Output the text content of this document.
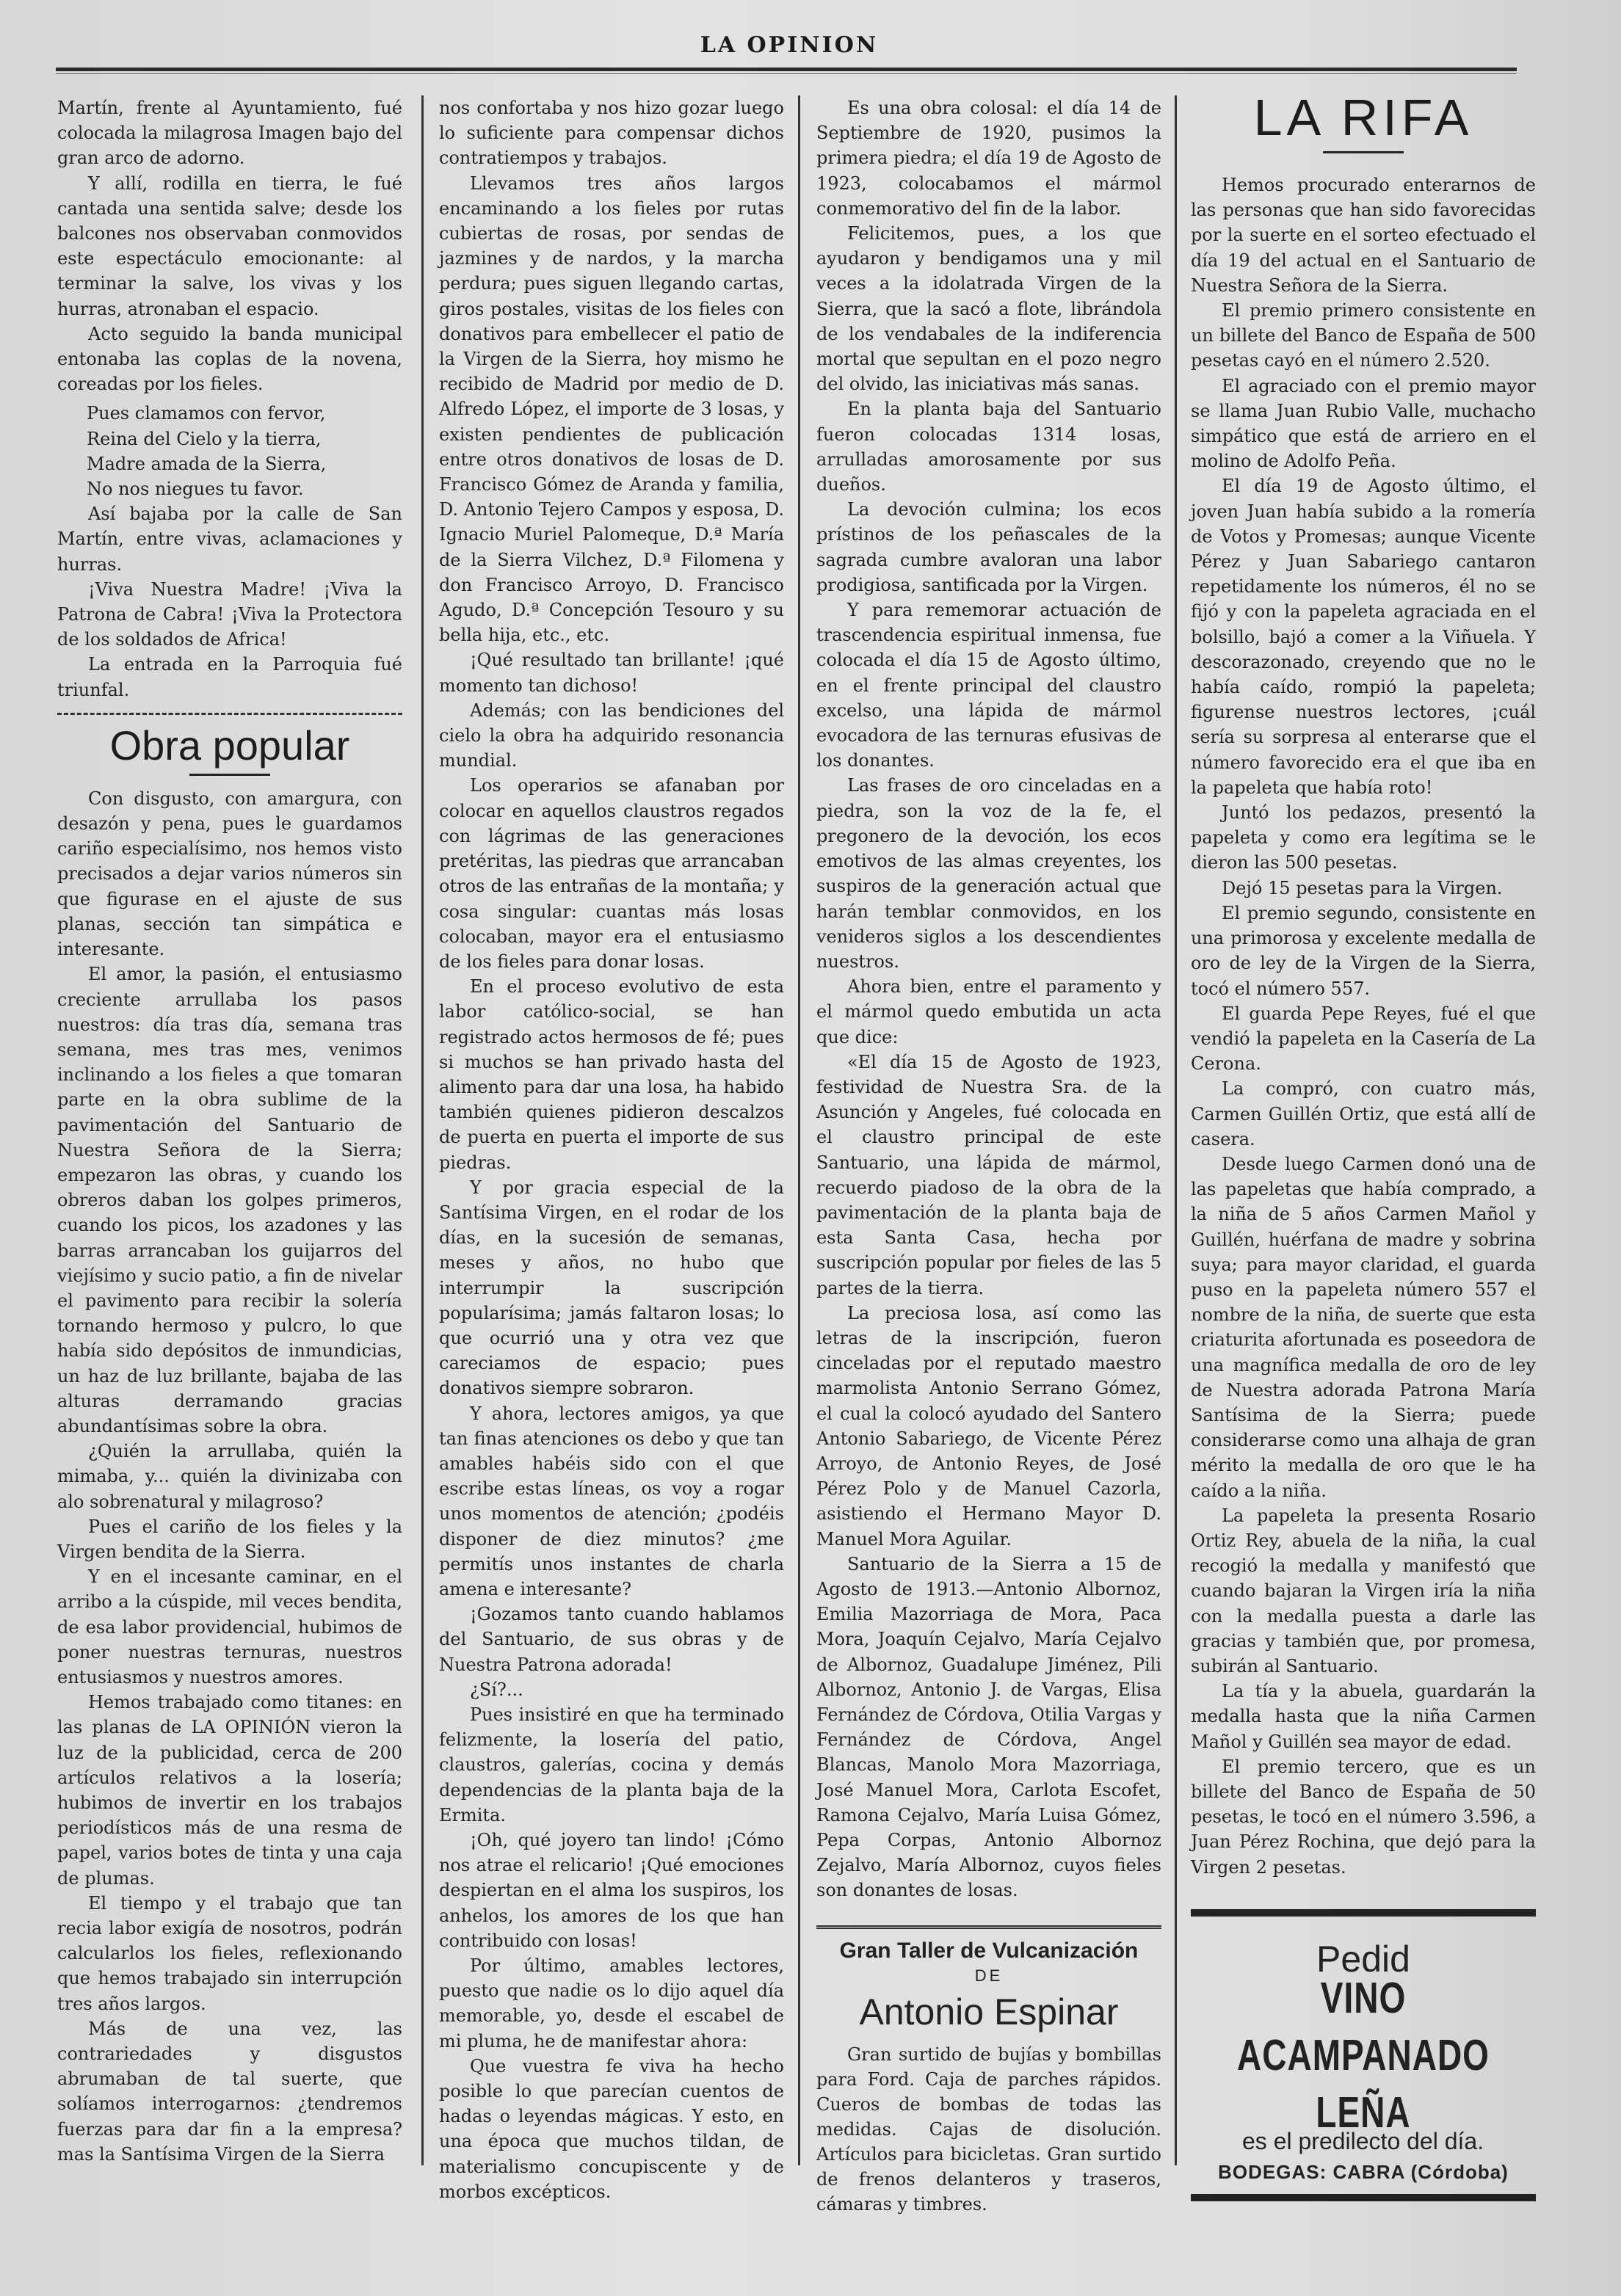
LA OPINION

Martín, frente al Ayuntamiento, fué colocada la milagrosa Imagen bajo del gran arco de adorno.

Y allí, rodilla en tierra, le fué cantada una sentida salve; desde los balcones nos observaban conmovidos este espectáculo emocionante: al terminar la salve, los vivas y los hurras, atronaban el espacio.

Acto seguido la banda municipal entonaba las coplas de la novena, coreadas por los fieles.

Pues clamamos con fervor,

Reina del Cielo y la tierra,

Madre amada de la Sierra,

No nos niegues tu favor.

Así bajaba por la calle de San Martín, entre vivas, aclamaciones y hurras.

¡Viva Nuestra Madre! ¡Viva la Patrona de Cabra! ¡Viva la Protectora de los soldados de Africa!

La entrada en la Parroquia fué triunfal.

Obra popular

Con disgusto, con amargura, con desazón y pena, pues le guardamos cariño especialísimo, nos hemos visto precisados a dejar varios números sin que figurase en el ajuste de sus planas, sección tan simpática e interesante.

El amor, la pasión, el entusiasmo creciente arrullaba los pasos nuestros: día tras día, semana tras semana, mes tras mes, venimos inclinando a los fieles a que tomaran parte en la obra sublime de la pavimentación del Santuario de Nuestra Señora de la Sierra; empezaron las obras, y cuando los obreros daban los golpes primeros, cuando los picos, los azadones y las barras arrancaban los guijarros del viejísimo y sucio patio, a fin de nivelar el pavimento para recibir la solería tornando hermoso y pulcro, lo que había sido depósitos de inmundicias, un haz de luz brillante, bajaba de las alturas derramando gracias abundantísimas sobre la obra.

¿Quién la arrullaba, quién la mimaba, y... quién la divinizaba con alo sobrenatural y milagroso?

Pues el cariño de los fieles y la Virgen bendita de la Sierra.

Y en el incesante caminar, en el arribo a la cúspide, mil veces bendita, de esa labor providencial, hubimos de poner nuestras ternuras, nuestros entusiasmos y nuestros amores.

Hemos trabajado como titanes: en las planas de LA OPINIÓN vieron la luz de la publicidad, cerca de 200 artículos relativos a la losería; hubimos de invertir en los trabajos periodísticos más de una resma de papel, varios botes de tinta y una caja de plumas.

El tiempo y el trabajo que tan recia labor exigía de nosotros, podrán calcularlos los fieles, reflexionando que hemos trabajado sin interrupción tres años largos.

Más de una vez, las contrariedades y disgustos abrumaban de tal suerte, que solíamos interrogarnos: ¿tendremos fuerzas para dar fin a la empresa? mas la Santísima Virgen de la Sierra

nos confortaba y nos hizo gozar luego lo suficiente para compensar dichos contratiempos y trabajos.

Llevamos tres años largos encaminando a los fieles por rutas cubiertas de rosas, por sendas de jazmines y de nardos, y la marcha perdura; pues siguen llegando cartas, giros postales, visitas de los fieles con donativos para embellecer el patio de la Virgen de la Sierra, hoy mismo he recibido de Madrid por medio de D. Alfredo López, el importe de 3 losas, y existen pendientes de publicación entre otros donativos de losas de D. Francisco Gómez de Aranda y familia, D. Antonio Tejero Campos y esposa, D. Ignacio Muriel Palomeque, D.ª María de la Sierra Vilchez, D.ª Filomena y don Francisco Arroyo, D. Francisco Agudo, D.ª Concepción Tesouro y su bella hija, etc., etc.

¡Qué resultado tan brillante! ¡qué momento tan dichoso!

Además; con las bendiciones del cielo la obra ha adquirido resonancia mundial.

Los operarios se afanaban por colocar en aquellos claustros regados con lágrimas de las generaciones pretéritas, las piedras que arrancaban otros de las entrañas de la montaña; y cosa singular: cuantas más losas colocaban, mayor era el entusiasmo de los fieles para donar losas.

En el proceso evolutivo de esta labor católico-social, se han registrado actos hermosos de fé; pues si muchos se han privado hasta del alimento para dar una losa, ha habido también quienes pidieron descalzos de puerta en puerta el importe de sus piedras.

Y por gracia especial de la Santísima Virgen, en el rodar de los días, en la sucesión de semanas, meses y años, no hubo que interrumpir la suscripción popularísima; jamás faltaron losas; lo que ocurrió una y otra vez que careciamos de espacio; pues donativos siempre sobraron.

Y ahora, lectores amigos, ya que tan finas atenciones os debo y que tan amables habéis sido con el que escribe estas líneas, os voy a rogar unos momentos de atención; ¿podéis disponer de diez minutos? ¿me permitís unos instantes de charla amena e interesante?

¡Gozamos tanto cuando hablamos del Santuario, de sus obras y de Nuestra Patrona adorada!

¿Sí?...

Pues insistiré en que ha terminado felizmente, la losería del patio, claustros, galerías, cocina y demás dependencias de la planta baja de la Ermita.

¡Oh, qué joyero tan lindo! ¡Cómo nos atrae el relicario! ¡Qué emociones despiertan en el alma los suspiros, los anhelos, los amores de los que han contribuido con losas!

Por último, amables lectores, puesto que nadie os lo dijo aquel día memorable, yo, desde el escabel de mi pluma, he de manifestar ahora:

Que vuestra fe viva ha hecho posible lo que parecían cuentos de hadas o leyendas mágicas. Y esto, en una época que muchos tildan, de materialismo concupiscente y de morbos excépticos.

Es una obra colosal: el día 14 de Septiembre de 1920, pusimos la primera piedra; el día 19 de Agosto de 1923, colocabamos el mármol conmemorativo del fin de la labor.

Felicitemos, pues, a los que ayudaron y bendigamos una y mil veces a la idolatrada Virgen de la Sierra, que la sacó a flote, librándola de los vendabales de la indiferencia mortal que sepultan en el pozo negro del olvido, las iniciativas más sanas.

En la planta baja del Santuario fueron colocadas 1314 losas, arrulladas amorosamente por sus dueños.

La devoción culmina; los ecos prístinos de los peñascales de la sagrada cumbre avaloran una labor prodigiosa, santificada por la Virgen.

Y para rememorar actuación de trascendencia espiritual inmensa, fue colocada el día 15 de Agosto último, en el frente principal del claustro excelso, una lápida de mármol evocadora de las ternuras efusivas de los donantes.

Las frases de oro cinceladas en a piedra, son la voz de la fe, el pregonero de la devoción, los ecos emotivos de las almas creyentes, los suspiros de la generación actual que harán temblar conmovidos, en los venideros siglos a los descendientes nuestros.

Ahora bien, entre el paramento y el mármol quedo embutida un acta que dice:

«El día 15 de Agosto de 1923, festividad de Nuestra Sra. de la Asunción y Angeles, fué colocada en el claustro principal de este Santuario, una lápida de mármol, recuerdo piadoso de la obra de la pavimentación de la planta baja de esta Santa Casa, hecha por suscripción popular por fieles de las 5 partes de la tierra.

La preciosa losa, así como las letras de la inscripción, fueron cinceladas por el reputado maestro marmolista Antonio Serrano Gómez, el cual la colocó ayudado del Santero Antonio Sabariego, de Vicente Pérez Arroyo, de Antonio Reyes, de José Pérez Polo y de Manuel Cazorla, asistiendo el Hermano Mayor D. Manuel Mora Aguilar.

Santuario de la Sierra a 15 de Agosto de 1913.—Antonio Albornoz, Emilia Mazorriaga de Mora, Paca Mora, Joaquín Cejalvo, María Cejalvo de Albornoz, Guadalupe Jiménez, Pili Albornoz, Antonio J. de Vargas, Elisa Fernández de Córdova, Otilia Vargas y Fernández de Córdova, Angel Blancas, Manolo Mora Mazorriaga, José Manuel Mora, Carlota Escofet, Ramona Cejalvo, María Luisa Gómez, Pepa Corpas, Antonio Albornoz Zejalvo, María Albornoz, cuyos fieles son donantes de losas.

Gran Taller de Vulcanización
DE
Antonio Espinar

Gran surtido de bujías y bombillas para Ford. Caja de parches rápidos. Cueros de bombas de todas las medidas. Cajas de disolución. Artículos para bicicletas. Gran surtido de frenos delanteros y traseros, cámaras y timbres.

LA RIFA

Hemos procurado enterarnos de las personas que han sido favorecidas por la suerte en el sorteo efectuado el día 19 del actual en el Santuario de Nuestra Señora de la Sierra.

El premio primero consistente en un billete del Banco de España de 500 pesetas cayó en el número 2.520.

El agraciado con el premio mayor se llama Juan Rubio Valle, muchacho simpático que está de arriero en el molino de Adolfo Peña.

El día 19 de Agosto último, el joven Juan había subido a la romería de Votos y Promesas; aunque Vicente Pérez y Juan Sabariego cantaron repetidamente los números, él no se fijó y con la papeleta agraciada en el bolsillo, bajó a comer a la Viñuela. Y descorazonado, creyendo que no le había caído, rompió la papeleta; figurense nuestros lectores, ¡cuál sería su sorpresa al enterarse que el número favorecido era el que iba en la papeleta que había roto!

Juntó los pedazos, presentó la papeleta y como era legítima se le dieron las 500 pesetas.

Dejó 15 pesetas para la Virgen.

El premio segundo, consistente en una primorosa y excelente medalla de oro de ley de la Virgen de la Sierra, tocó el número 557.

El guarda Pepe Reyes, fué el que vendió la papeleta en la Casería de La Cerona.

La compró, con cuatro más, Carmen Guillén Ortiz, que está allí de casera.

Desde luego Carmen donó una de las papeletas que había comprado, a la niña de 5 años Carmen Mañol y Guillén, huérfana de madre y sobrina suya; para mayor claridad, el guarda puso en la papeleta número 557 el nombre de la niña, de suerte que esta criaturita afortunada es poseedora de una magnífica medalla de oro de ley de Nuestra adorada Patrona María Santísima de la Sierra; puede considerarse como una alhaja de gran mérito la medalla de oro que le ha caído a la niña.

La papeleta la presenta Rosario Ortiz Rey, abuela de la niña, la cual recogió la medalla y manifestó que cuando bajaran la Virgen iría la niña con la medalla puesta a darle las gracias y también que, por promesa, subirán al Santuario.

La tía y la abuela, guardarán la medalla hasta que la niña Carmen Mañol y Guillén sea mayor de edad.

El premio tercero, que es un billete del Banco de España de 50 pesetas, le tocó en el número 3.596, a Juan Pérez Rochina, que dejó para la Virgen 2 pesetas.

Pedid
VINO ACAMPANADO LEÑA
es el predilecto del día.
BODEGAS: CABRA (Córdoba)
